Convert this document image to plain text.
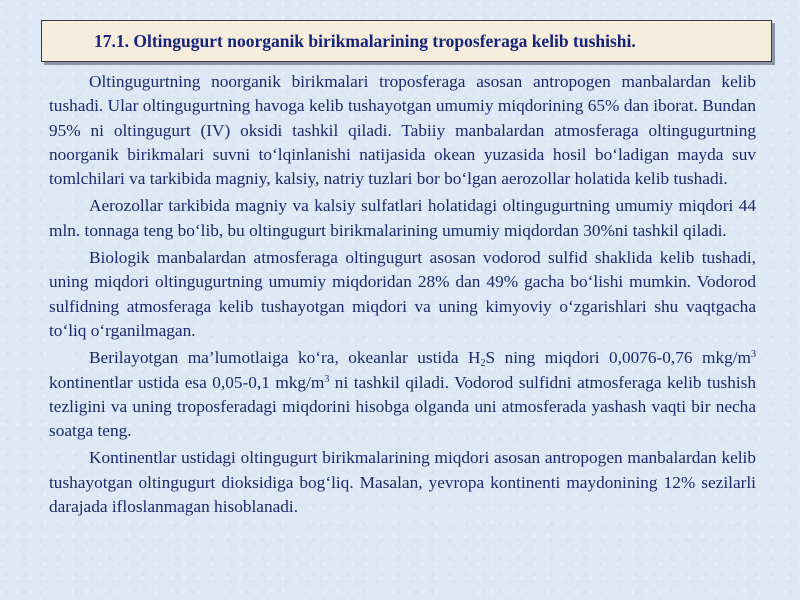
17.1. Oltingugurt noorganik birikmalarining troposferaga kelib tushishi.

Oltingugurtning noorganik birikmalari troposferaga asosan antropogen manbalardan kelib tushadi. Ular oltingugurtning havoga kelib tushayotgan umumiy miqdorining 65% dan iborat. Bundan 95% ni oltingugurt (IV) oksidi tashkil qiladi. Tabiiy manbalardan atmosferaga oltingugurtning noorganik birikmalari suvni to‘lqinlanishi natijasida okean yuzasida hosil bo‘ladigan mayda suv tomlchilari va tarkibida magniy, kalsiy, natriy tuzlari bor bo‘lgan aerozollar holatida kelib tushadi.

Aerozollar tarkibida magniy va kalsiy sulfatlari holatidagi oltingugurtning umumiy miqdori 44 mln. tonnaga teng bo‘lib, bu oltingugurt birikmalarining umumiy miqdordan 30%ni tashkil qiladi.

Biologik manbalardan atmosferaga oltingugurt asosan vodorod sulfid shaklida kelib tushadi, uning miqdori oltingugurtning umumiy miqdoridan 28% dan 49% gacha bo‘lishi mumkin. Vodorod sulfidning atmosferaga kelib tushayotgan miqdori va uning kimyoviy o‘zgarishlari shu vaqtgacha to‘liq o‘rganilmagan.

Berilayotgan ma’lumotlaiga ko‘ra, okeanlar ustida $H_2S$ ning miqdori 0,0076-0,76 mkg/$m^3$ kontinentlar ustida esa 0,05-0,1 mkg/$m^3$ ni tashkil qiladi. Vodorod sulfidni atmosferaga kelib tushish tezligini va uning troposferadagi miqdorini hisobga olganda uni atmosferada yashash vaqti bir necha soatga teng.

Kontinentlar ustidagi oltingugurt birikmalarining miqdori asosan antropogen manbalardan kelib tushayotgan oltingugurt dioksidiga bog‘liq. Masalan, yevropa kontinenti maydonining 12% sezilarli darajada ifloslanmagan hisoblanadi.
